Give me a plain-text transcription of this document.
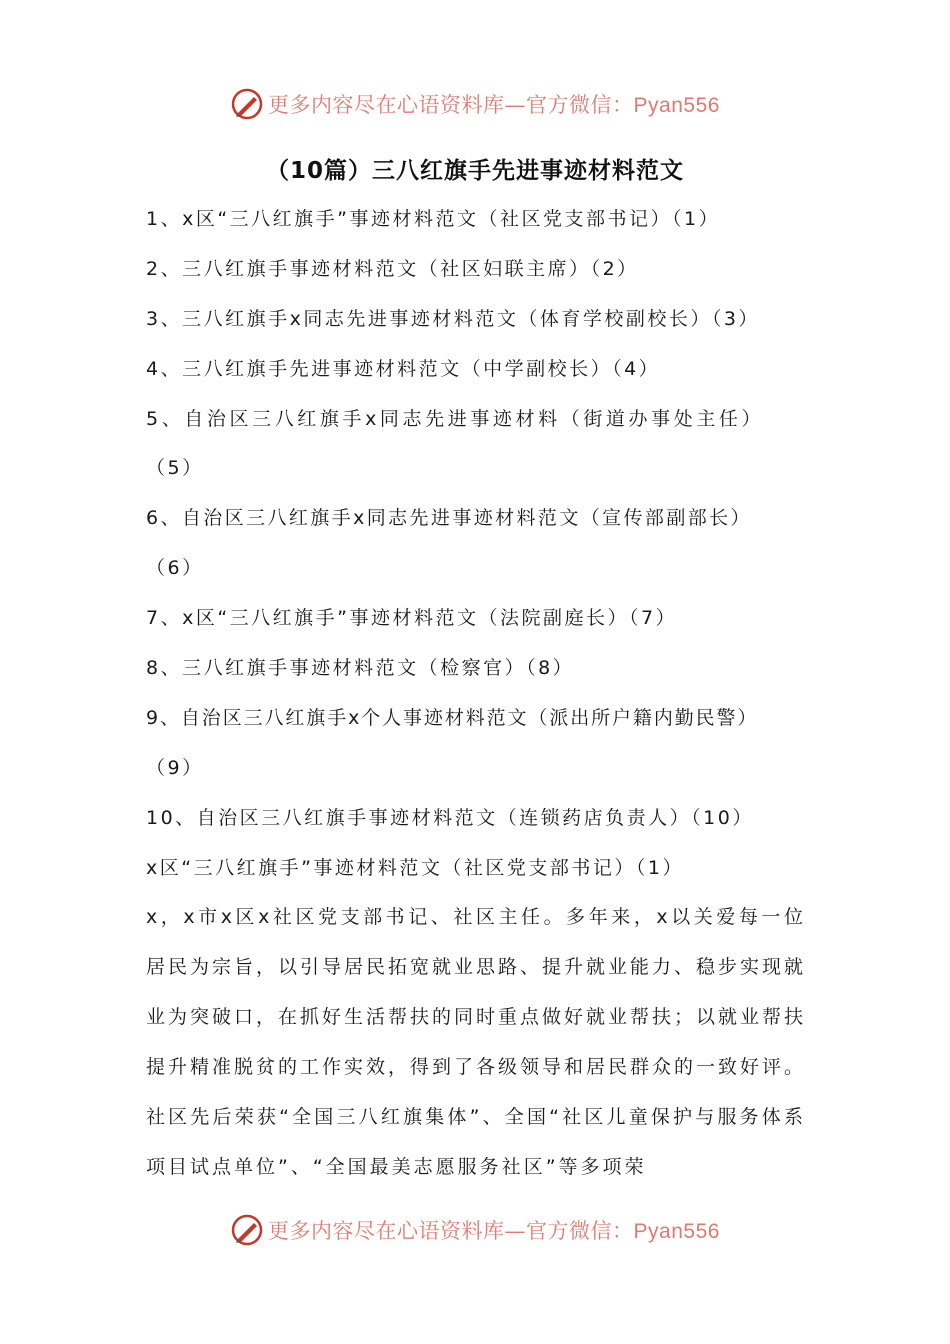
更多内容尽在心语资料库—官方微信：Pyan556
（10篇）三八红旗手先进事迹材料范文
1、x区“三八红旗手”事迹材料范文（社区党支部书记）（1）
2、三八红旗手事迹材料范文（社区妇联主席）（2）
3、三八红旗手x同志先进事迹材料范文（体育学校副校长）（3）
4、三八红旗手先进事迹材料范文（中学副校长）（4）
5、自治区三八红旗手x同志先进事迹材料（街道办事处主任）
（5）
6、自治区三八红旗手x同志先进事迹材料范文（宣传部副部长）
（6）
7、x区“三八红旗手”事迹材料范文（法院副庭长）（7）
8、三八红旗手事迹材料范文（检察官）（8）
9、自治区三八红旗手x个人事迹材料范文（派出所户籍内勤民警）
（9）
10、自治区三八红旗手事迹材料范文（连锁药店负责人）（10）
x区“三八红旗手”事迹材料范文（社区党支部书记）（1）

x，x市x区x社区党支部书记、社区主任。多年来，x以关爱每一位居民为宗旨，以引导居民拓宽就业思路、提升就业能力、稳步实现就业为突破口，在抓好生活帮扶的同时重点做好就业帮扶；以就业帮扶提升精准脱贫的工作实效，得到了各级领导和居民群众的一致好评。社区先后荣获“全国三八红旗集体”、全国“社区儿童保护与服务体系项目试点单位”、“全国最美志愿服务社区”等多项荣

更多内容尽在心语资料库—官方微信：Pyan556
